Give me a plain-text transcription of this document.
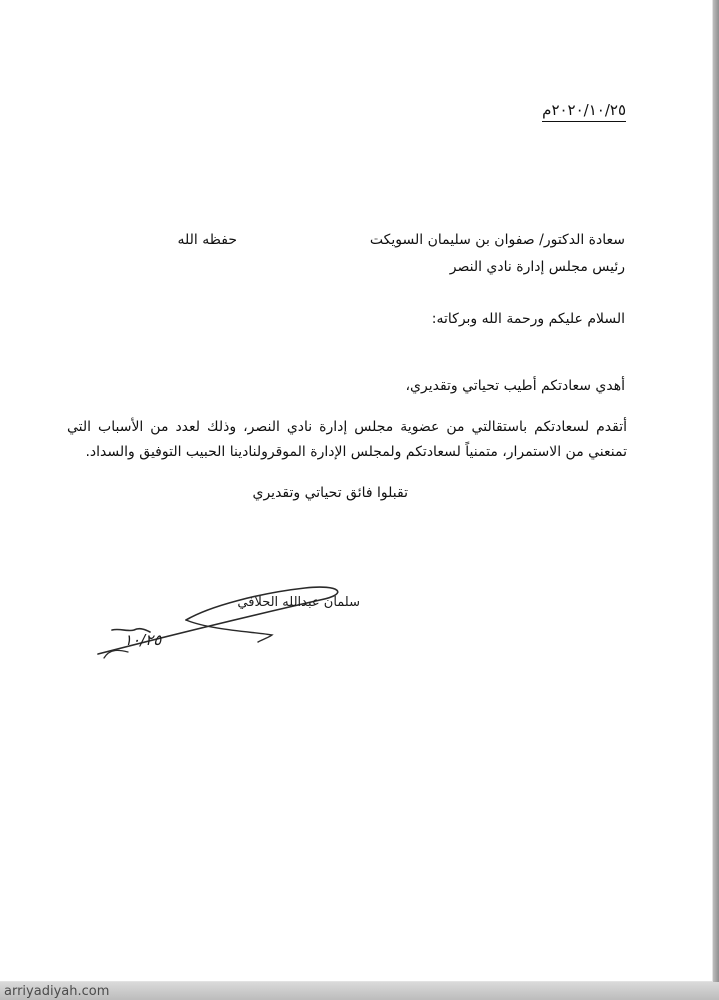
٢٠٢٠/١٠/٢٥م
سعادة الدكتور/ صفوان بن سليمان السويكت
حفظه الله
رئيس مجلس إدارة نادي النصر
السلام عليكم ورحمة الله وبركاته:
أهدي سعادتكم أطيب تحياتي وتقديري،
أتقدم لسعادتكم باستقالتي من عضوية مجلس إدارة نادي النصر، وذلك لعدد من الأسباب التي تمنعني من الاستمرار، متمنياً لسعادتكم ولمجلس الإدارة الموقرولنادينا الحبيب التوفيق والسداد.
تقبلوا فائق تحياتي وتقديري
سلمان عبدالله الحلافي
١٠/٢٥
arriyadiyah.com
